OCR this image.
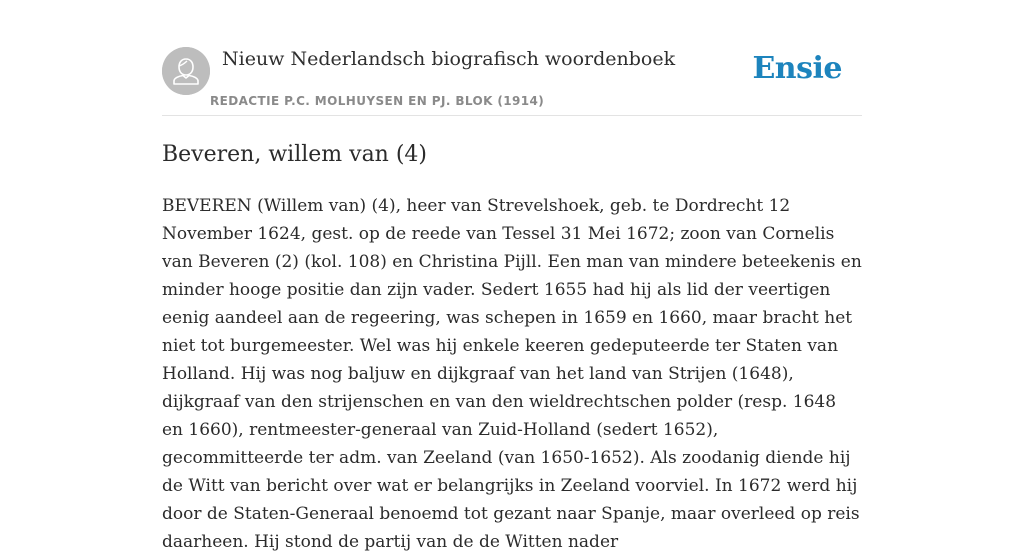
Nieuw Nederlandsch biografisch woordenboek
REDACTIE P.C. MOLHUYSEN EN PJ. BLOK (1914)
Ensie
Beveren, willem van (4)

BEVEREN (Willem van) (4), heer van Strevelshoek, geb. te Dordrecht 12 November 1624, gest. op de reede van Tessel 31 Mei 1672; zoon van Cornelis van Beveren (2) (kol. 108) en Christina Pijll. Een man van mindere beteekenis en minder hooge positie dan zijn vader. Sedert 1655 had hij als lid der veertigen eenig aandeel aan de regeering, was schepen in 1659 en 1660, maar bracht het niet tot burgemeester. Wel was hij enkele keeren gedeputeerde ter Staten van Holland. Hij was nog baljuw en dijkgraaf van het land van Strijen (1648), dijkgraaf van den strijenschen en van den wieldrechtschen polder (resp. 1648 en 1660), rentmeester-generaal van Zuid-Holland (sedert 1652), gecommitteerde ter adm. van Zeeland (van 1650-1652). Als zoodanig diende hij de Witt van bericht over wat er belangrijks in Zeeland voorviel. In 1672 werd hij door de Staten-Generaal benoemd tot gezant naar Spanje, maar overleed op reis daarheen. Hij stond de partij van de de Witten nader
